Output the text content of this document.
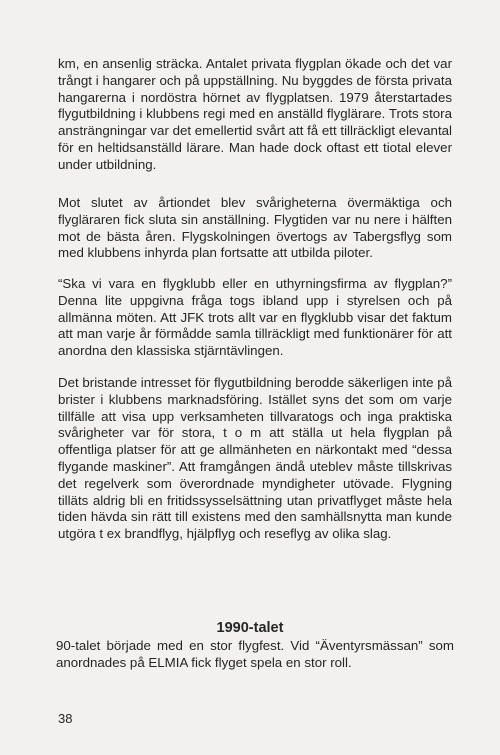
km, en ansenlig sträcka. Antalet privata flygplan ökade och det var trångt i hangarer och på uppställning. Nu byggdes de första privata hangarerna i nordöstra hörnet av flygplatsen. 1979 återstartades flygutbildning i klubbens regi med en anställd flyglärare. Trots stora ansträngningar var det emellertid svårt att få ett tillräckligt elevantal för en heltidsanställd lärare. Man hade dock oftast ett tiotal elever under utbildning.

Mot slutet av årtiondet blev svårigheterna övermäktiga och flygläraren fick sluta sin anställning. Flygtiden var nu nere i hälften mot de bästa åren. Flygskolningen övertogs av Tabergsflyg som med klubbens inhyrda plan fortsatte att utbilda piloter.

“Ska vi vara en flygklubb eller en uthyrningsfirma av flygplan?” Denna lite uppgivna fråga togs ibland upp i styrelsen och på allmänna möten. Att JFK trots allt var en flygklubb visar det faktum att man varje år förmådde samla tillräckligt med funktionärer för att anordna den klassiska stjärntävlingen.

Det bristande intresset för flygutbildning berodde säkerligen inte på brister i klubbens marknadsföring. Istället syns det som om varje tillfälle att visa upp verksamheten tillvaratogs och inga praktiska svårigheter var för stora, t o m att ställa ut hela flygplan på offentliga platser för att ge allmänheten en närkontakt med “dessa flygande maskiner”. Att framgången ändå uteblev måste tillskrivas det regelverk som överordnade myndigheter utövade. Flygning tilläts aldrig bli en fritidssysselsättning utan privatflyget måste hela tiden hävda sin rätt till existens med den samhällsnytta man kunde utgöra t ex brandflyg, hjälpflyg och reseflyg av olika slag.

1990-talet

90-talet började med en stor flygfest. Vid “Äventyrsmässan” som anordnades på ELMIA fick flyget spela en stor roll.

38
